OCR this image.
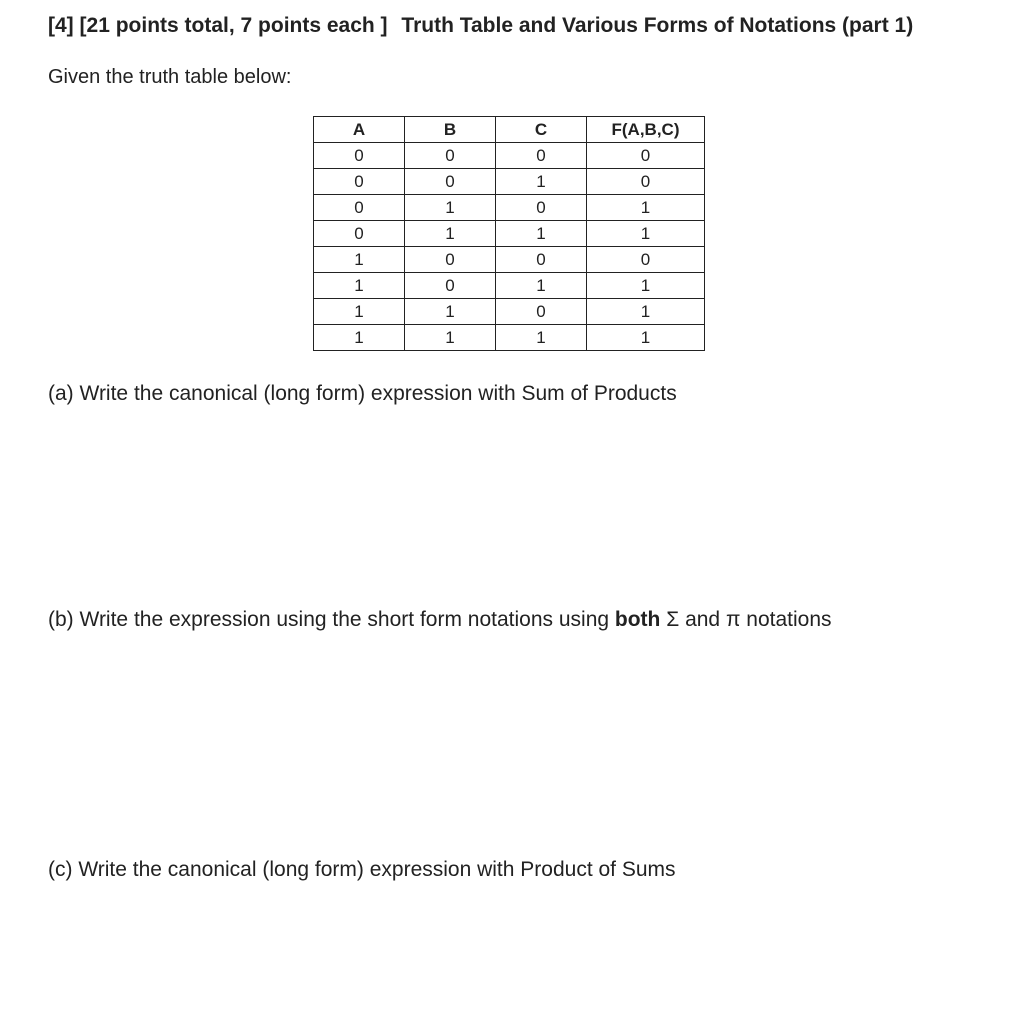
[4] [21 points total, 7 points each ] Truth Table and Various Forms of Notations (part 1)
Given the truth table below:
A	B	C	F(A,B,C)
0	0	0	0
0	0	1	0
0	1	0	1
0	1	1	1
1	0	0	0
1	0	1	1
1	1	0	1
1	1	1	1
(a) Write the canonical (long form) expression with Sum of Products
(b) Write the expression using the short form notations using both Σ and π notations
(c) Write the canonical (long form) expression with Product of Sums
